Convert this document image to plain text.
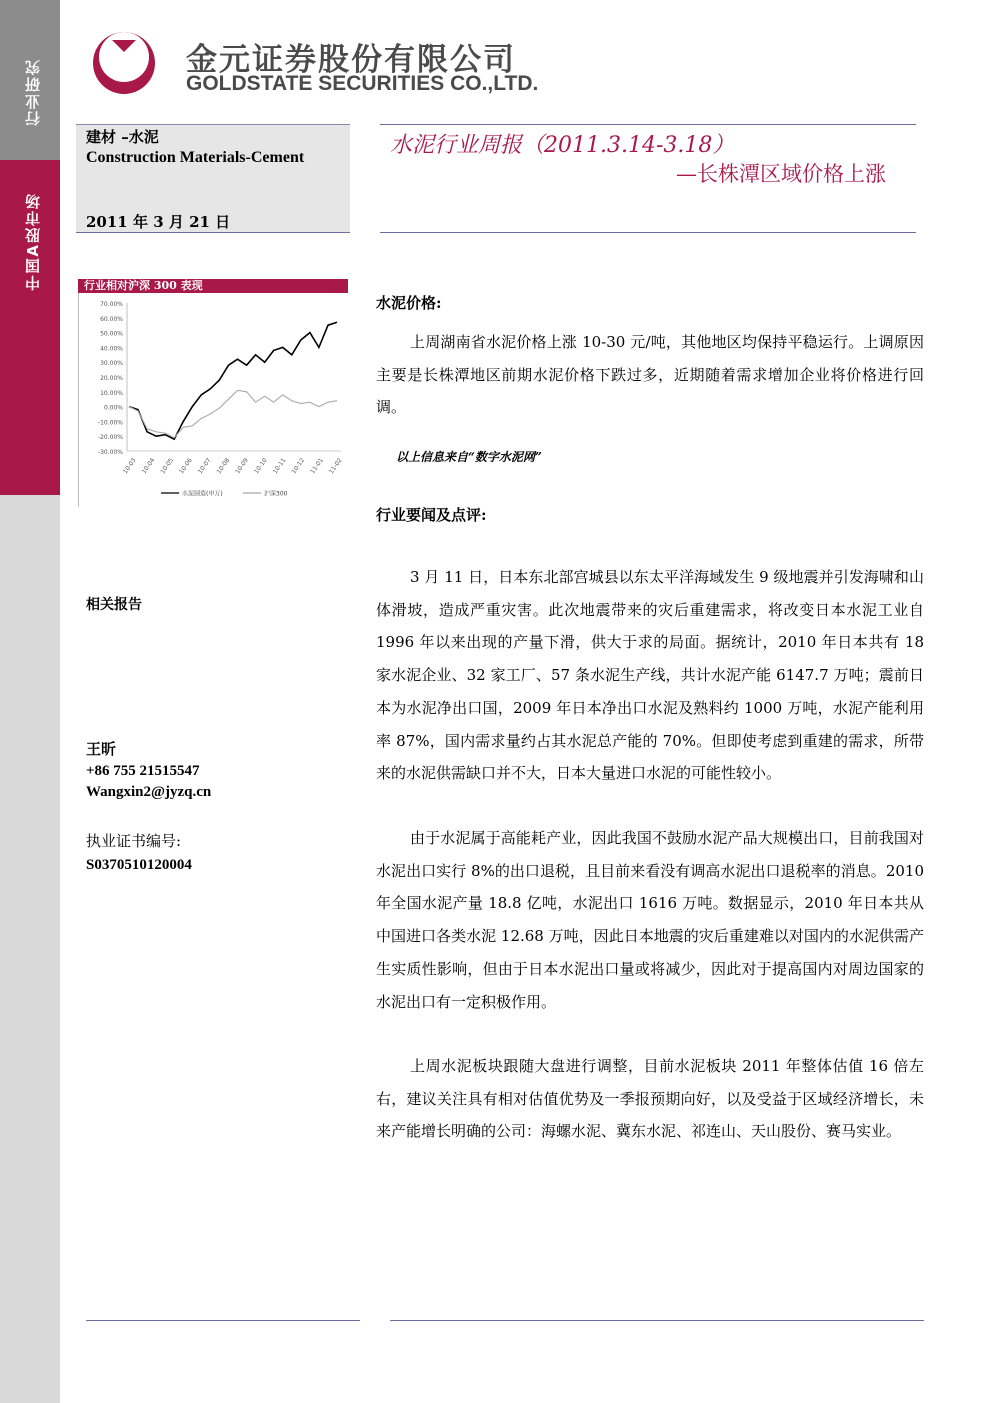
行业研究
中国A股市场
金元证券股份有限公司
GOLDSTATE SECURITIES CO.,LTD.
建材 –水泥
Construction Materials-Cement
2011 年 3 月 21 日
水泥行业周报（2011.3.14-3.18）
—长株潭区域价格上涨
行业相对沪深 300 表现
70.00%
60.00%
50.00%
40.00%
30.00%
20.00%
10.00%
0.00%
-10.00%
-20.00%
-30.00%
10-03 10-04 10-05 10-06 10-07 10-08 10-09 10-10 10-11 10-12 11-01 11-02
水泥制造(申万)	沪深300
相关报告
王昕
+86 755 21515547
Wangxin2@jyzq.cn
执业证书编号:
S0370510120004
水泥价格:
上周湖南省水泥价格上涨 10-30 元/吨，其他地区均保持平稳运行。上调原因主要是长株潭地区前期水泥价格下跌过多，近期随着需求增加企业将价格进行回调。
以上信息来自“数字水泥网”
行业要闻及点评:
3 月 11 日，日本东北部宫城县以东太平洋海域发生 9 级地震并引发海啸和山体滑坡，造成严重灾害。此次地震带来的灾后重建需求，将改变日本水泥工业自 1996 年以来出现的产量下滑，供大于求的局面。据统计，2010 年日本共有 18 家水泥企业、32 家工厂、57 条水泥生产线，共计水泥产能 6147.7 万吨；震前日本为水泥净出口国，2009 年日本净出口水泥及熟料约 1000 万吨，水泥产能利用率 87%，国内需求量约占其水泥总产能的 70%。但即使考虑到重建的需求，所带来的水泥供需缺口并不大，日本大量进口水泥的可能性较小。
由于水泥属于高能耗产业，因此我国不鼓励水泥产品大规模出口，目前我国对水泥出口实行 8%的出口退税，且目前来看没有调高水泥出口退税率的消息。2010 年全国水泥产量 18.8 亿吨，水泥出口 1616 万吨。数据显示，2010 年日本共从中国进口各类水泥 12.68 万吨，因此日本地震的灾后重建难以对国内的水泥供需产生实质性影响，但由于日本水泥出口量或将减少，因此对于提高国内对周边国家的水泥出口有一定积极作用。
上周水泥板块跟随大盘进行调整，目前水泥板块 2011 年整体估值 16 倍左右，建议关注具有相对估值优势及一季报预期向好，以及受益于区域经济增长，未来产能增长明确的公司：海螺水泥、冀东水泥、祁连山、天山股份、赛马实业。
